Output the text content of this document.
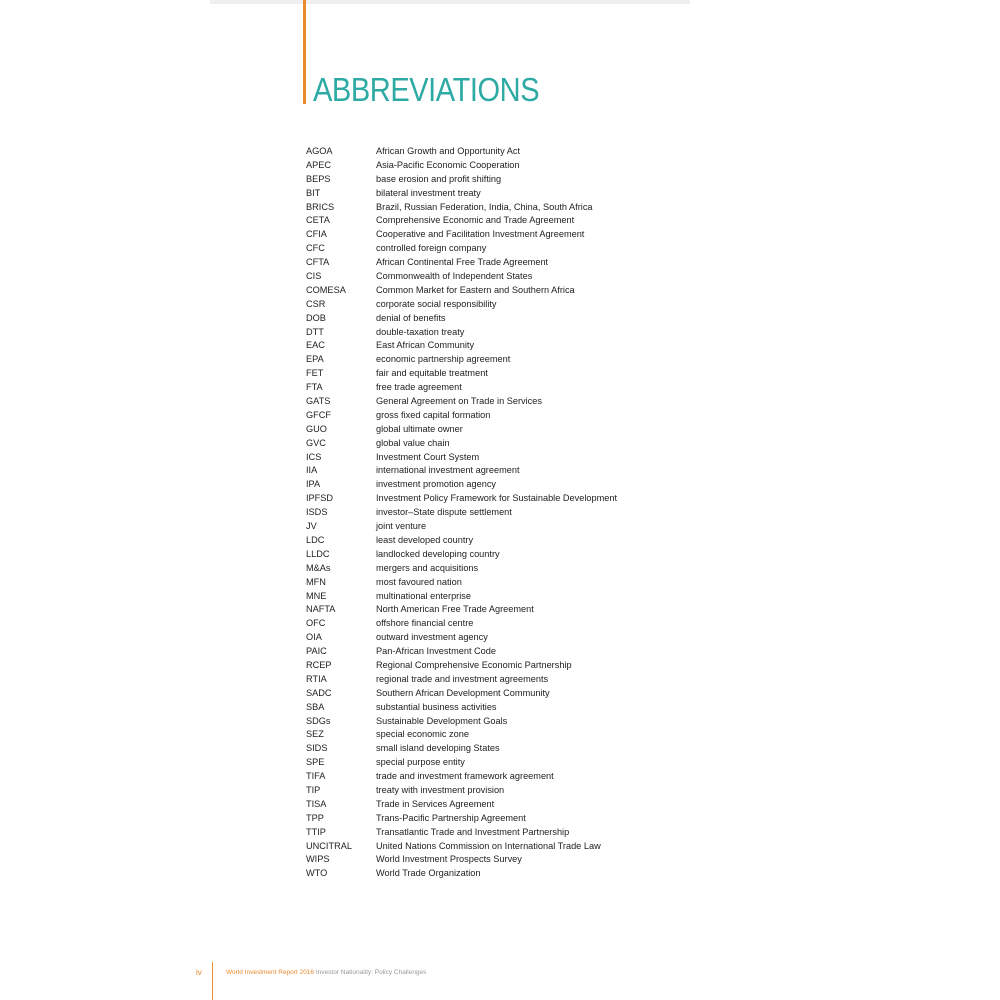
ABBREVIATIONS
AGOA	African Growth and Opportunity Act
APEC	Asia-Pacific Economic Cooperation
BEPS	base erosion and profit shifting
BIT	bilateral investment treaty
BRICS	Brazil, Russian Federation, India, China, South Africa
CETA	Comprehensive Economic and Trade Agreement
CFIA	Cooperative and Facilitation Investment Agreement
CFC	controlled foreign company
CFTA	African Continental Free Trade Agreement
CIS	Commonwealth of Independent States
COMESA	Common Market for Eastern and Southern Africa
CSR	corporate social responsibility
DOB	denial of benefits
DTT	double-taxation treaty
EAC	East African Community
EPA	economic partnership agreement
FET	fair and equitable treatment
FTA	free trade agreement
GATS	General Agreement on Trade in Services
GFCF	gross fixed capital formation
GUO	global ultimate owner
GVC	global value chain
ICS	Investment Court System
IIA	international investment agreement
IPA	investment promotion agency
IPFSD	Investment Policy Framework for Sustainable Development
ISDS	investor–State dispute settlement
JV	joint venture
LDC	least developed country
LLDC	landlocked developing country
M&As	mergers and acquisitions
MFN	most favoured nation
MNE	multinational enterprise
NAFTA	North American Free Trade Agreement
OFC	offshore financial centre
OIA	outward investment agency
PAIC	Pan-African Investment Code
RCEP	Regional Comprehensive Economic Partnership
RTIA	regional trade and investment agreements
SADC	Southern African Development Community
SBA	substantial business activities
SDGs	Sustainable Development Goals
SEZ	special economic zone
SIDS	small island developing States
SPE	special purpose entity
TIFA	trade and investment framework agreement
TIP	treaty with investment provision
TISA	Trade in Services Agreement
TPP	Trans-Pacific Partnership Agreement
TTIP	Transatlantic Trade and Investment Partnership
UNCITRAL	United Nations Commission on International Trade Law
WIPS	World Investment Prospects Survey
WTO	World Trade Organization
iv	World Investment Report 2016 Investor Nationality: Policy Challenges
